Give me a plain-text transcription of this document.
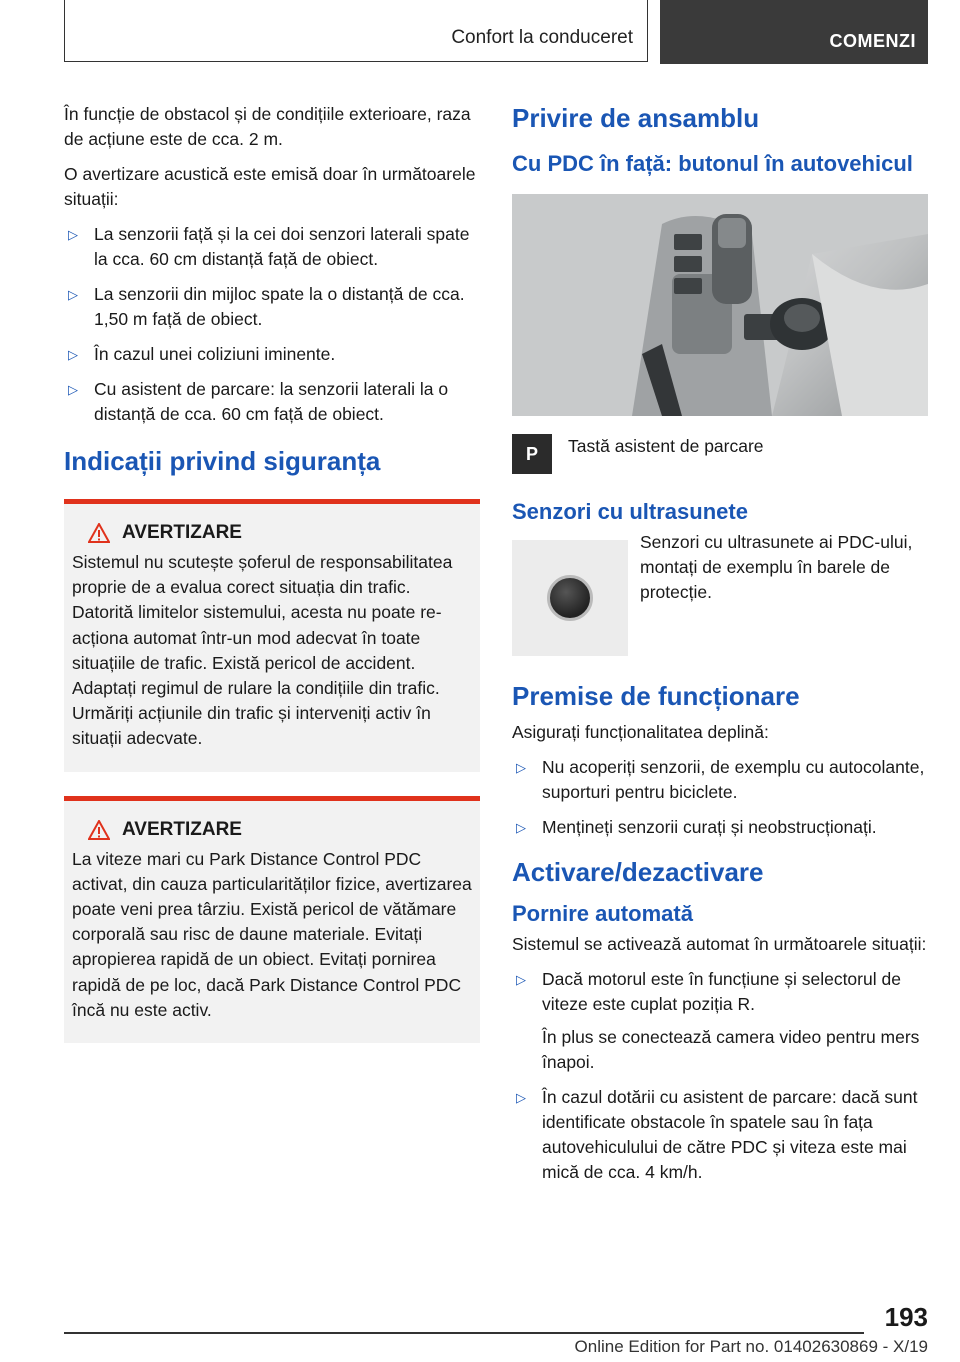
Confort la conduceret	COMENZI

În funcție de obstacol și de condițiile exterioare, raza de acțiune este de cca. 2 m.

O avertizare acustică este emisă doar în următoarele situații:

▷ La senzorii față și la cei doi senzori laterali spate la cca. 60 cm distanță față de obiect.
▷ La senzorii din mijloc spate la o distanță de cca. 1,50 m față de obiect.
▷ În cazul unei coliziuni iminente.
▷ Cu asistent de parcare: la senzorii laterali la o distanță de cca. 60 cm față de obiect.
Indicații privind siguranța
AVERTIZARE

Sistemul nu scutește șoferul de responsabilitatea proprie de a evalua corect situația din trafic. Datorită limitelor sistemului, acesta nu poate reacționa automat într-un mod adecvat în toate situațiile de trafic. Există pericol de accident. Adaptați regimul de rulare la condițiile din trafic. Urmăriți acțiunile din trafic și interveniți activ în situații adecvate.

AVERTIZARE

La viteze mari cu Park Distance Control PDC activat, din cauza particularităților fizice, avertizarea poate veni prea târziu. Există pericol de vătămare corporală sau risc de daune materiale. Evitați apropierea rapidă de un obiect. Evitați pornirea rapidă de pe loc, dacă Park Distance Control PDC încă nu este activ.

Privire de ansamblu
Cu PDC în față: butonul în autovehicul
P	Tastă asistent de parcare
Senzori cu ultrasunete
Senzori cu ultrasunete ai PDC-ului, montați de exemplu în barele de protecție.
Premise de funcționare

Asigurați funcționalitatea deplină:

▷ Nu acoperiți senzorii, de exemplu cu autocolante, suporturi pentru biciclete.
▷ Mențineți senzorii curați și neobstrucționați.
Activare/dezactivare
Pornire automată

Sistemul se activează automat în următoarele situații:

▷ Dacă motorul este în funcțiune și selectorul de viteze este cuplat poziția R.
În plus se conectează camera video pentru mers înapoi.
▷ În cazul dotării cu asistent de parcare: dacă sunt identificate obstacole în spatele sau în fața autovehiculului de către PDC și viteza este mai mică de cca. 4 km/h.
193
Online Edition for Part no. 01402630869 - X/19
